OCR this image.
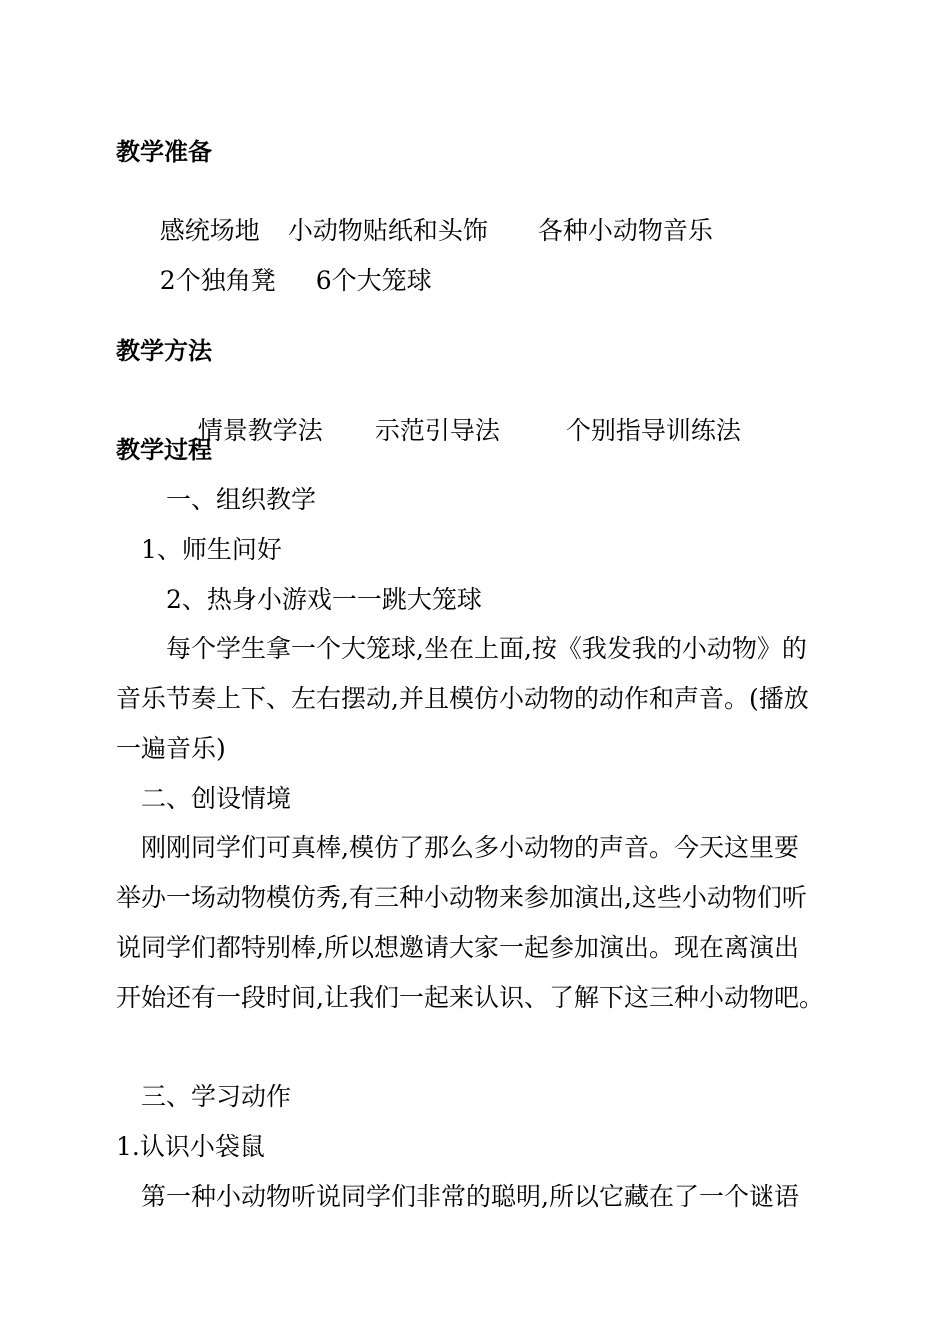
教学准备

感统场地 小动物贴纸和头饰 各种小动物音乐

2个独角凳 6个大笼球

教学方法

情景教学法 示范引导法	个别指导训练法

教学过程
一、组织教学
1、师生问好
2、热身小游戏一一跳大笼球
每个学生拿一个大笼球,坐在上面,按《我发我的小动物》的
音乐节奏上下、左右摆动,并且模仿小动物的动作和声音。(播放
一遍音乐)
二、创设情境
刚刚同学们可真棒,模仿了那么多小动物的声音。今天这里要
举办一场动物模仿秀,有三种小动物来参加演出,这些小动物们听
说同学们都特别棒,所以想邀请大家一起参加演出。现在离演出
开始还有一段时间,让我们一起来认识、了解下这三种小动物吧。
三、学习动作
1.认识小袋鼠
第一种小动物听说同学们非常的聪明,所以它藏在了一个谜语
